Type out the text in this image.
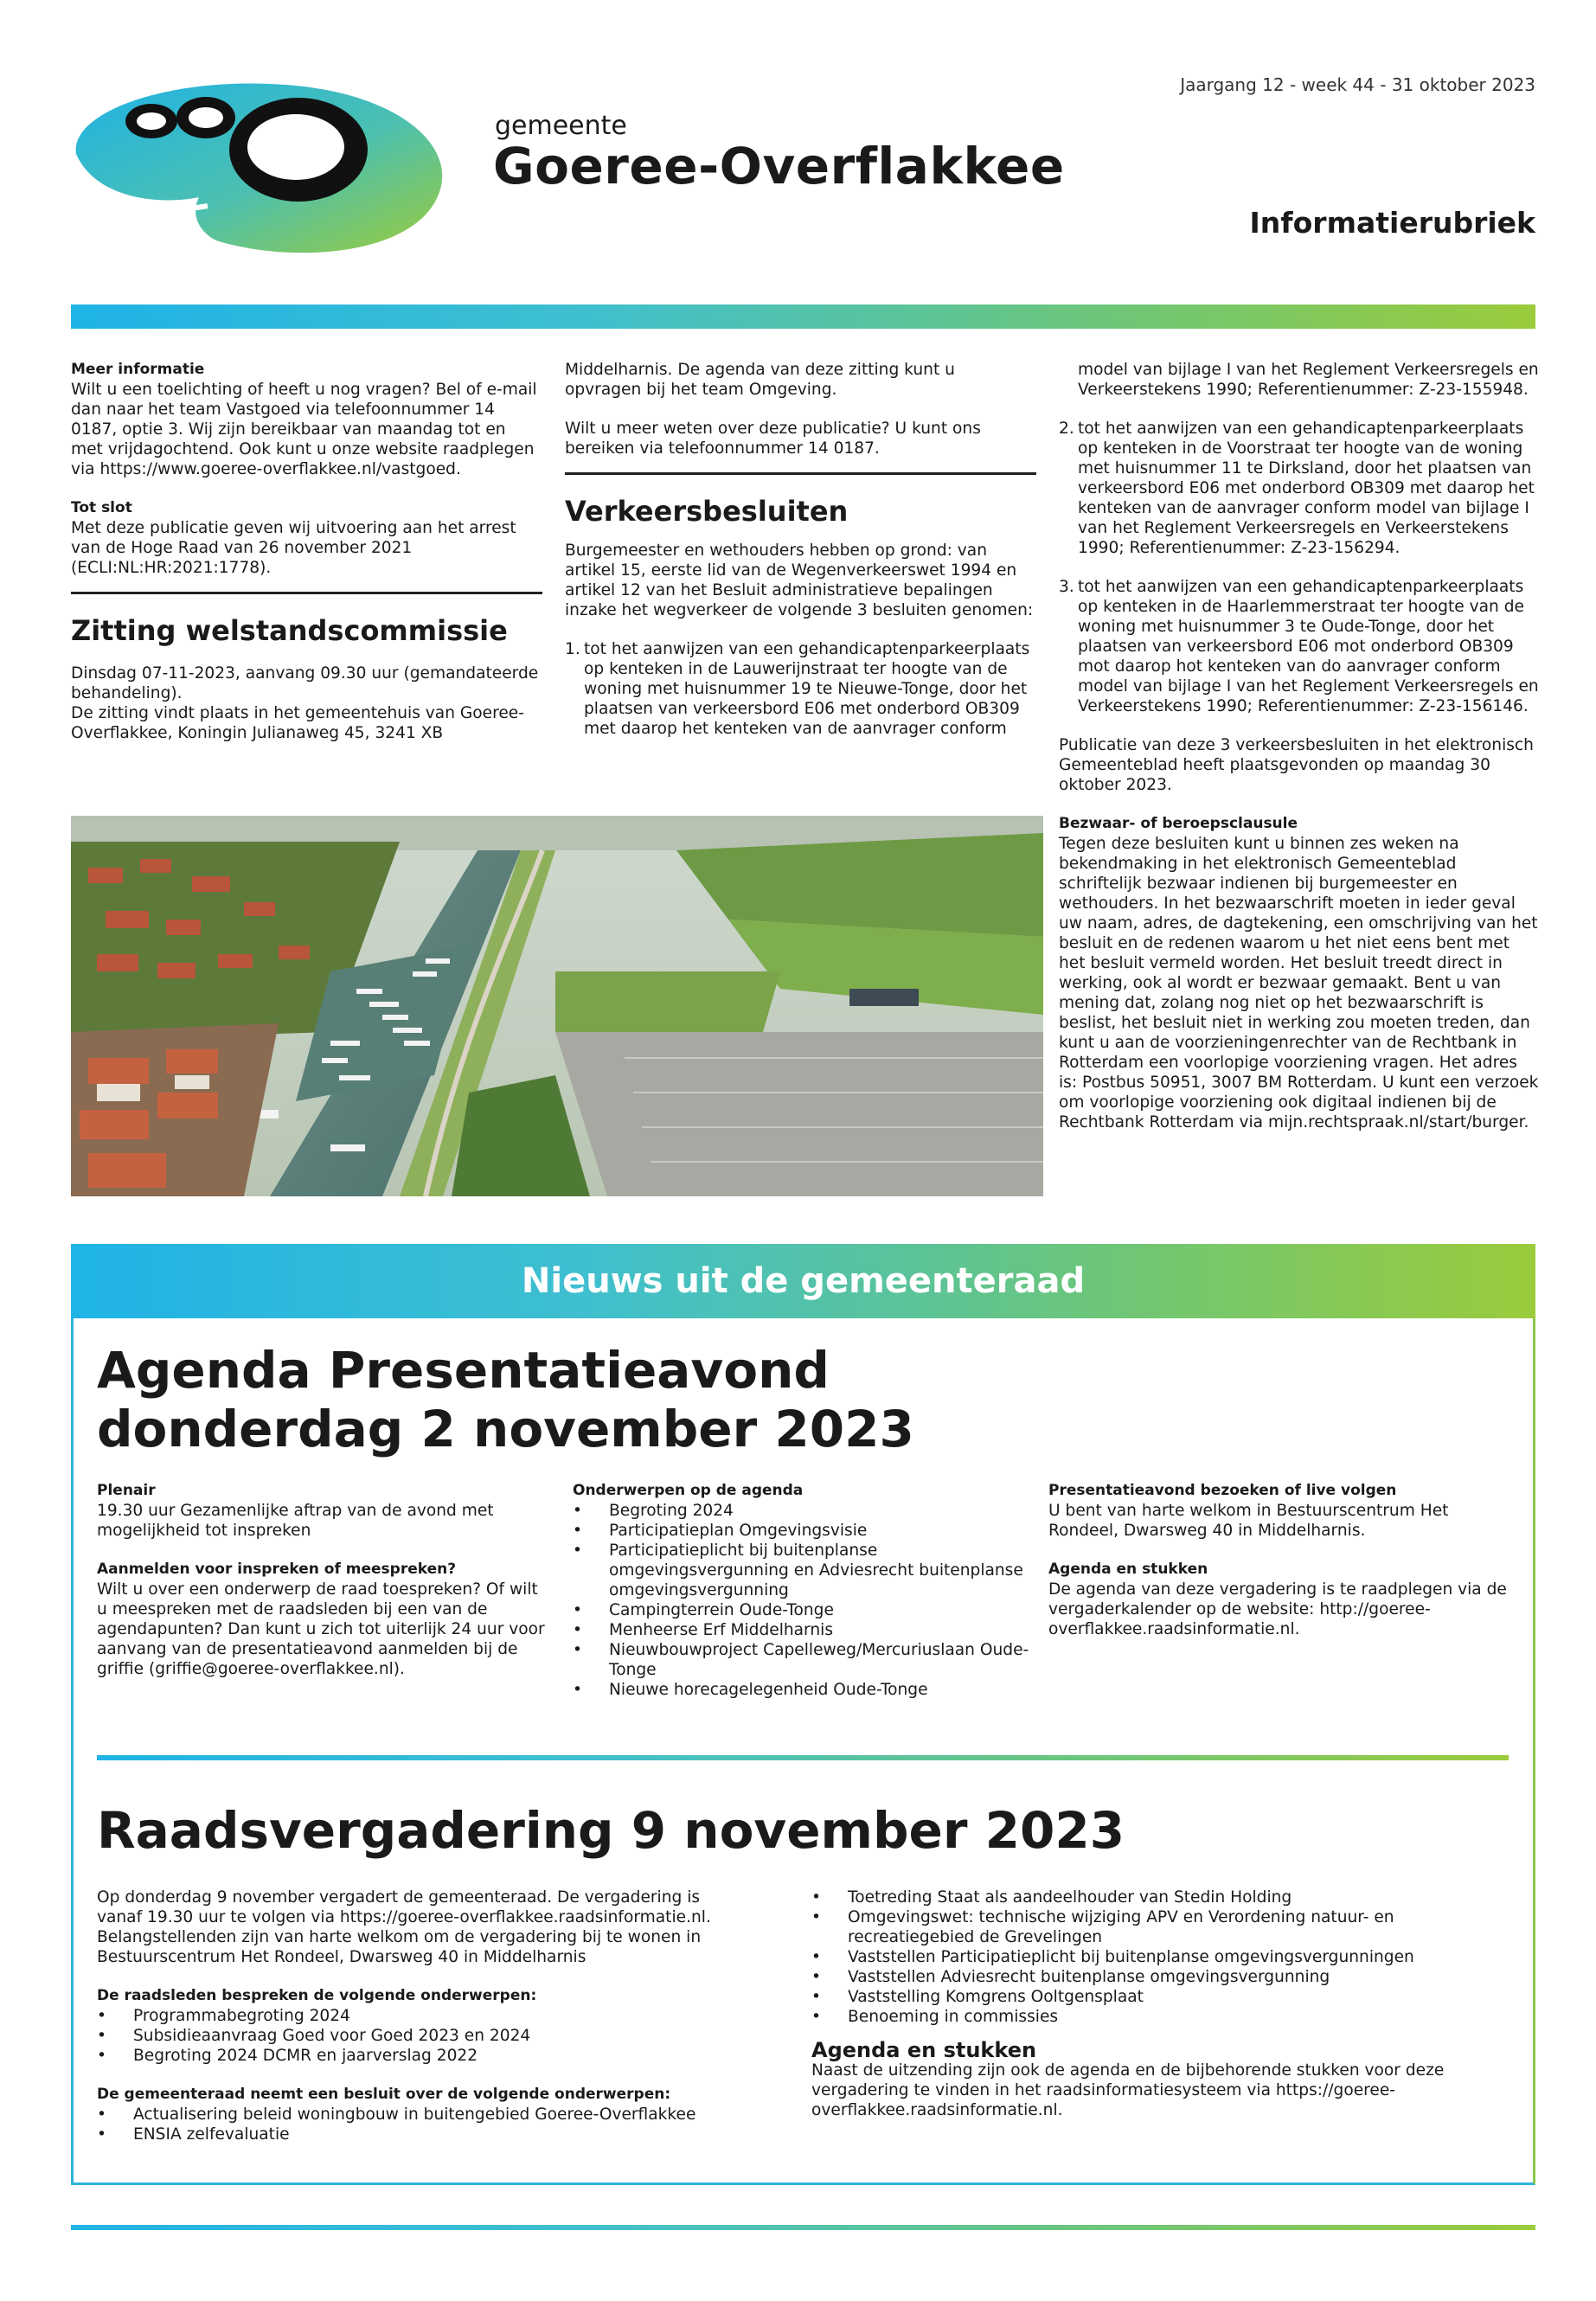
gemeente
Goeree-Overflakkee
Jaargang 12 - week 44 - 31 oktober 2023
Informatierubriek

Meer informatie

Wilt u een toelichting of heeft u nog vragen? Bel of e-mail dan naar het team Vastgoed via telefoonnummer 14 0187, optie 3. Wij zijn bereikbaar van maandag tot en met vrijdagochtend. Ook kunt u onze website raadplegen via https://www.goeree-overflakkee.nl/vastgoed.

Tot slot

Met deze publicatie geven wij uitvoering aan het arrest van de Hoge Raad van 26 november 2021 (ECLI:NL:HR:2021:1778).

Zitting welstandscommissie

Dinsdag 07-11-2023, aanvang 09.30 uur (gemandateerde behandeling).

De zitting vindt plaats in het gemeentehuis van Goeree-Overflakkee, Koningin Julianaweg 45, 3241 XB

Middelharnis. De agenda van deze zitting kunt u opvragen bij het team Omgeving.

Wilt u meer weten over deze publicatie? U kunt ons bereiken via telefoonnummer 14 0187.

Verkeersbesluiten

Burgemeester en wethouders hebben op grond: van artikel 15, eerste lid van de Wegenverkeerswet 1994 en artikel 12 van het Besluit administratieve bepalingen inzake het wegverkeer de volgende 3 besluiten genomen:

1. tot het aanwijzen van een gehandicaptenparkeerplaats op kenteken in de Lauwerijnstraat ter hoogte van de woning met huisnummer 19 te Nieuwe-Tonge, door het plaatsen van verkeersbord E06 met onderbord OB309 met daarop het kenteken van de aanvrager conform
model van bijlage I van het Reglement Verkeersregels en Verkeerstekens 1990; Referentienummer: Z-23-155948.
2. tot het aanwijzen van een gehandicaptenparkeerplaats op kenteken in de Voorstraat ter hoogte van de woning met huisnummer 11 te Dirksland, door het plaatsen van verkeersbord E06 met onderbord OB309 met daarop het kenteken van de aanvrager conform model van bijlage I van het Reglement Verkeersregels en Verkeerstekens 1990; Referentienummer: Z-23-156294.
3. tot het aanwijzen van een gehandicaptenparkeerplaats op kenteken in de Haarlemmerstraat ter hoogte van de woning met huisnummer 3 te Oude-Tonge, door het plaatsen van verkeersbord E06 mot onderbord OB309 mot daarop hot kenteken van do aanvrager conform model van bijlage I van het Reglement Verkeersregels en Verkeerstekens 1990; Referentienummer: Z-23-156146.

Publicatie van deze 3 verkeersbesluiten in het elektronisch Gemeenteblad heeft plaatsgevonden op maandag 30 oktober 2023.

Bezwaar- of beroepsclausule

Tegen deze besluiten kunt u binnen zes weken na bekendmaking in het elektronisch Gemeenteblad schriftelijk bezwaar indienen bij burgemeester en wethouders. In het bezwaarschrift moeten in ieder geval uw naam, adres, de dagtekening, een omschrijving van het besluit en de redenen waarom u het niet eens bent met het besluit vermeld worden. Het besluit treedt direct in werking, ook al wordt er bezwaar gemaakt. Bent u van mening dat, zolang nog niet op het bezwaarschrift is beslist, het besluit niet in werking zou moeten treden, dan kunt u aan de voorzieningenrechter van de Rechtbank in Rotterdam een voorlopige voorziening vragen. Het adres is: Postbus 50951, 3007 BM Rotterdam. U kunt een verzoek om voorlopige voorziening ook digitaal indienen bij de Rechtbank Rotterdam via mijn.rechtspraak.nl/start/burger.

Nieuws uit de gemeenteraad
Agenda Presentatieavond
donderdag 2 november 2023

Plenair

19.30 uur Gezamenlijke aftrap van de avond met mogelijkheid tot inspreken

Aanmelden voor inspreken of meespreken?

Wilt u over een onderwerp de raad toespreken? Of wilt u meespreken met de raadsleden bij een van de agendapunten? Dan kunt u zich tot uiterlijk 24 uur voor aanvang van de presentatieavond aanmelden bij de griffie (griffie@goeree-overflakkee.nl).

Onderwerpen op de agenda

•	Begroting 2024
•	Participatieplan Omgevingsvisie
•	Participatieplicht bij buitenplanse omgevingsvergunning en Adviesrecht buitenplanse omgevingsvergunning
•	Campingterrein Oude-Tonge
•	Menheerse Erf Middelharnis
•	Nieuwbouwproject Capelleweg/Mercuriuslaan Oude-Tonge
•	Nieuwe horecagelegenheid Oude-Tonge

Presentatieavond bezoeken of live volgen

U bent van harte welkom in Bestuurscentrum Het Rondeel, Dwarsweg 40 in Middelharnis.

Agenda en stukken

De agenda van deze vergadering is te raadplegen via de vergaderkalender op de website: http://goeree-overflakkee.raadsinformatie.nl.

Raadsvergadering 9 november 2023

Op donderdag 9 november vergadert de gemeenteraad. De vergadering is vanaf 19.30 uur te volgen via https://goeree-overflakkee.raadsinformatie.nl. Belangstellenden zijn van harte welkom om de vergadering bij te wonen in Bestuurscentrum Het Rondeel, Dwarsweg 40 in Middelharnis

De raadsleden bespreken de volgende onderwerpen:

•	Programmabegroting 2024
•	Subsidieaanvraag Goed voor Goed 2023 en 2024
•	Begroting 2024 DCMR en jaarverslag 2022

De gemeenteraad neemt een besluit over de volgende onderwerpen:

•	Actualisering beleid woningbouw in buitengebied Goeree-Overflakkee
•	ENSIA zelfevaluatie
•	Toetreding Staat als aandeelhouder van Stedin Holding
•	Omgevingswet: technische wijziging APV en Verordening natuur- en recreatiegebied de Grevelingen
•	Vaststellen Participatieplicht bij buitenplanse omgevingsvergunningen
•	Vaststellen Adviesrecht buitenplanse omgevingsvergunning
•	Vaststelling Komgrens Ooltgensplaat
•	Benoeming in commissies

Agenda en stukken

Naast de uitzending zijn ook de agenda en de bijbehorende stukken voor deze vergadering te vinden in het raadsinformatiesysteem via https://goeree-overflakkee.raadsinformatie.nl.
